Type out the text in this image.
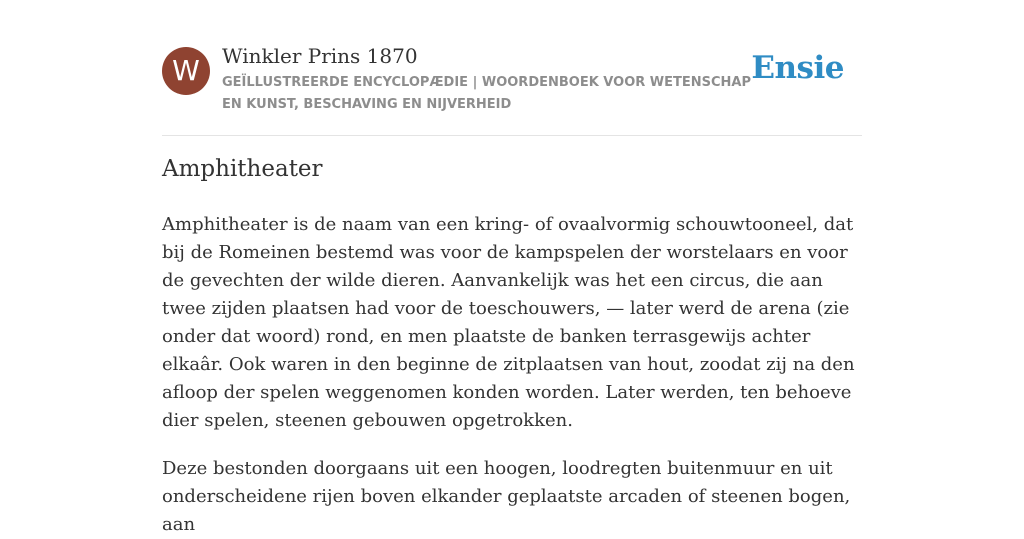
W	Winkler Prins 1870
GEÏLLUSTREERDE ENCYCLOPÆDIE | WOORDENBOEK VOOR WETENSCHAP EN KUNST, BESCHAVING EN NIJVERHEID
Ensie
Amphitheater

Amphitheater is de naam van een kring- of ovaalvormig schouwtooneel, dat bij de Romeinen bestemd was voor de kampspelen der worstelaars en voor de gevechten der wilde dieren. Aanvankelijk was het een circus, die aan twee zijden plaatsen had voor de toeschouwers, — later werd de arena (zie onder dat woord) rond, en men plaatste de banken terrasgewijs achter elkaâr. Ook waren in den beginne de zitplaatsen van hout, zoodat zij na den afloop der spelen weggenomen konden worden. Later werden, ten behoeve dier spelen, steenen gebouwen opgetrokken.

Deze bestonden doorgaans uit een hoogen, loodregten buitenmuur en uit onderscheidene rijen boven elkander geplaatste arcaden of steenen bogen, aan
